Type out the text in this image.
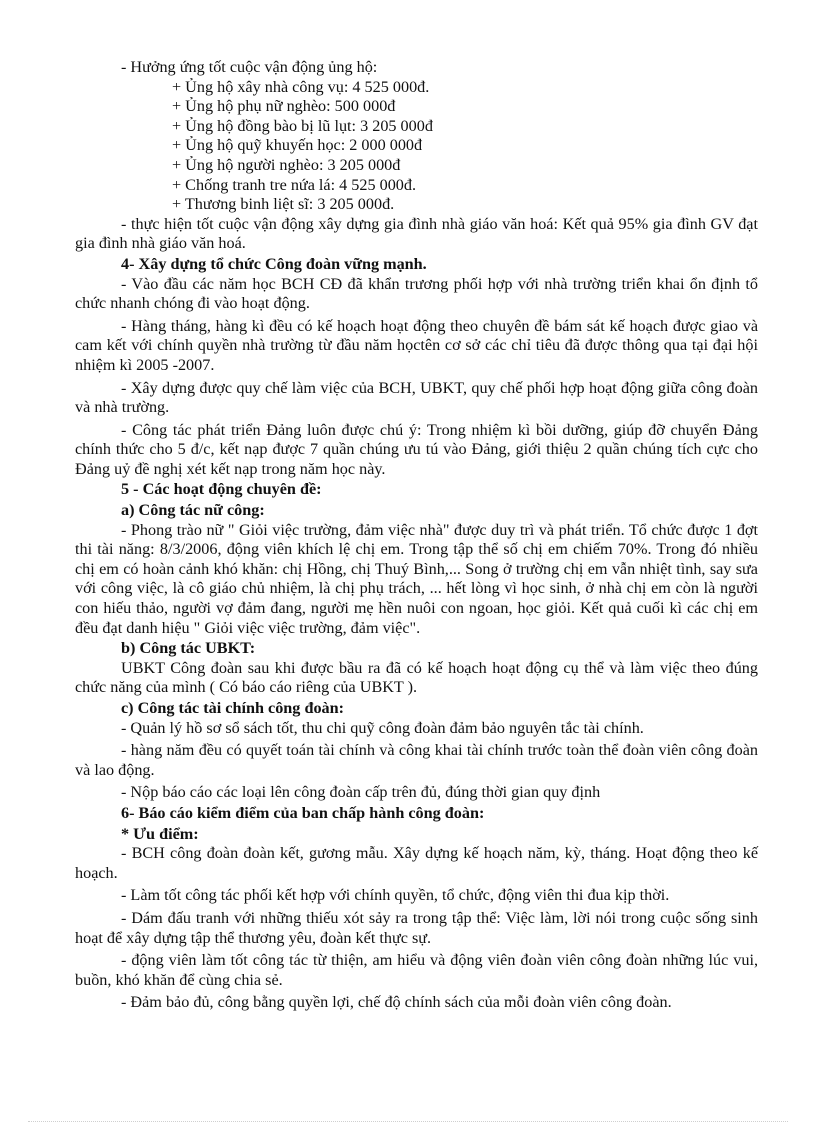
- Hưởng ứng tốt cuộc vận động ủng hộ:

+ Ủng hộ xây nhà công vụ: 4 525 000đ.

+ Ủng hộ phụ nữ nghèo: 500 000đ

+ Ủng hộ đồng bào bị lũ lụt: 3 205 000đ

+ Ủng hộ quỹ khuyến học: 2 000 000đ

+ Ủng hộ người nghèo: 3 205 000đ

+ Chống tranh tre nứa lá: 4 525 000đ.

+ Thương binh liệt sĩ: 3 205 000đ.

- thực hiện tốt cuộc vận động xây dựng gia đình nhà giáo văn hoá: Kết quả 95% gia đình GV đạt gia đình nhà giáo văn hoá.

4- Xây dựng tổ chức Công đoàn vững mạnh.

- Vào đầu các năm học BCH CĐ đã khẩn trương phối hợp với nhà trường triển khai ổn định tổ chức nhanh chóng đi vào hoạt động.

- Hàng tháng, hàng kì đều có kế hoạch hoạt động theo chuyên đề bám sát kế hoạch được giao và cam kết với chính quyền nhà trường từ đầu năm họctên cơ sở các chỉ tiêu đã được thông qua tại đại hội nhiệm kì 2005 -2007.

- Xây dựng được quy chế làm việc của BCH, UBKT, quy chế phối hợp hoạt động giữa công đoàn và nhà trường.

- Công tác phát triển Đảng luôn được chú ý: Trong nhiệm kì bồi dưỡng, giúp đỡ chuyển Đảng chính thức cho 5 đ/c, kết nạp được 7 quần chúng ưu tú vào Đảng, giới thiệu 2 quần chúng tích cực cho Đảng uỷ đề nghị xét kết nạp trong năm học này.

5 - Các hoạt động chuyên đề:

a) Công tác nữ công:

- Phong trào nữ " Giỏi việc trường, đảm việc nhà" được duy trì và phát triển. Tổ chức được 1 đợt thi tài năng: 8/3/2006, động viên khích lệ chị em. Trong tập thể số chị em chiếm 70%. Trong đó nhiều chị em có hoàn cảnh khó khăn: chị Hồng, chị Thuý Bình,... Song ở trường chị em vẫn nhiệt tình, say sưa với công việc, là cô giáo chủ nhiệm, là chị phụ trách, ... hết lòng vì học sinh, ở nhà chị em còn là người con hiếu thảo, người vợ đảm đang, người mẹ hền nuôi con ngoan, học giỏi. Kết quả cuối kì các chị em đều đạt danh hiệu " Giỏi việc việc trường, đảm việc".

b) Công tác UBKT:

UBKT Công đoàn sau khi được bầu ra đã có kế hoạch hoạt động cụ thể và làm việc theo đúng chức năng của mình ( Có báo cáo riêng của UBKT ).

c) Công tác tài chính công đoàn:

- Quản lý hồ sơ sổ sách tốt, thu chi quỹ công đoàn đảm bảo nguyên tắc tài chính.

- hàng năm đều có quyết toán tài chính và công khai tài chính trước toàn thể đoàn viên công đoàn và lao động.

- Nộp báo cáo các loại lên công đoàn cấp trên đủ, đúng thời gian quy định

6- Báo cáo kiểm điểm của ban chấp hành công đoàn:

* Ưu điểm:

- BCH công đoàn đoàn kết, gương mẫu. Xây dựng kế hoạch năm, kỳ, tháng. Hoạt động theo kế hoạch.

- Làm tốt công tác phối kết hợp với chính quyền, tổ chức, động viên thi đua kịp thời.

- Dám đấu tranh với những thiếu xót sảy ra trong tập thể: Việc làm, lời nói trong cuộc sống sinh hoạt để xây dựng tập thể thương yêu, đoàn kết thực sự.

- động viên làm tốt công tác từ thiện, am hiểu và động viên đoàn viên công đoàn những lúc vui, buồn, khó khăn để cùng chia sẻ.

- Đảm bảo đủ, công bằng quyền lợi, chế độ chính sách của mỗi đoàn viên công đoàn.
